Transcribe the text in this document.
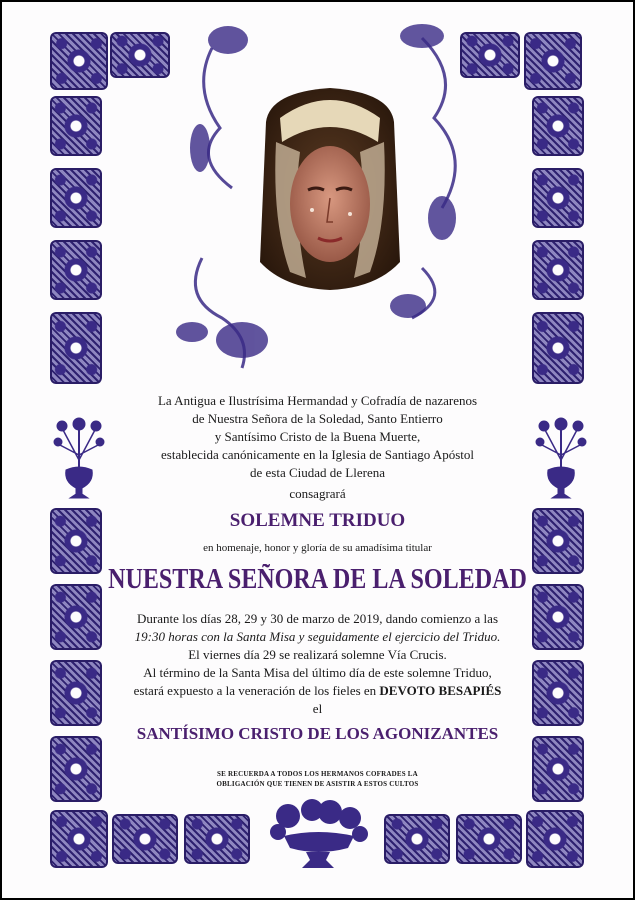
La Antigua e Ilustrísima Hermandad y Cofradía de nazarenos
de Nuestra Señora de la Soledad, Santo Entierro
y Santísimo Cristo de la Buena Muerte,
establecida canónicamente en la Iglesia de Santiago Apóstol
de esta Ciudad de Llerena
consagrará
SOLEMNE TRIDUO
en homenaje, honor y gloría de su amadísima titular
NUESTRA SEÑORA DE LA SOLEDAD
Durante los días 28, 29 y 30 de marzo de 2019, dando comienzo a las
19:30 horas con la Santa Misa y seguidamente el ejercicio del Triduo.
El viernes día 29 se realizará solemne Vía Crucis.
Al término de la Santa Misa del último día de este solemne Triduo,
estará expuesto a la veneración de los fieles en DEVOTO BESAPIÉS
el
SANTÍSIMO CRISTO DE LOS AGONIZANTES
SE RECUERDA A TODOS LOS HERMANOS COFRADES LA
OBLIGACIÓN QUE TIENEN DE ASISTIR A ESTOS CULTOS
